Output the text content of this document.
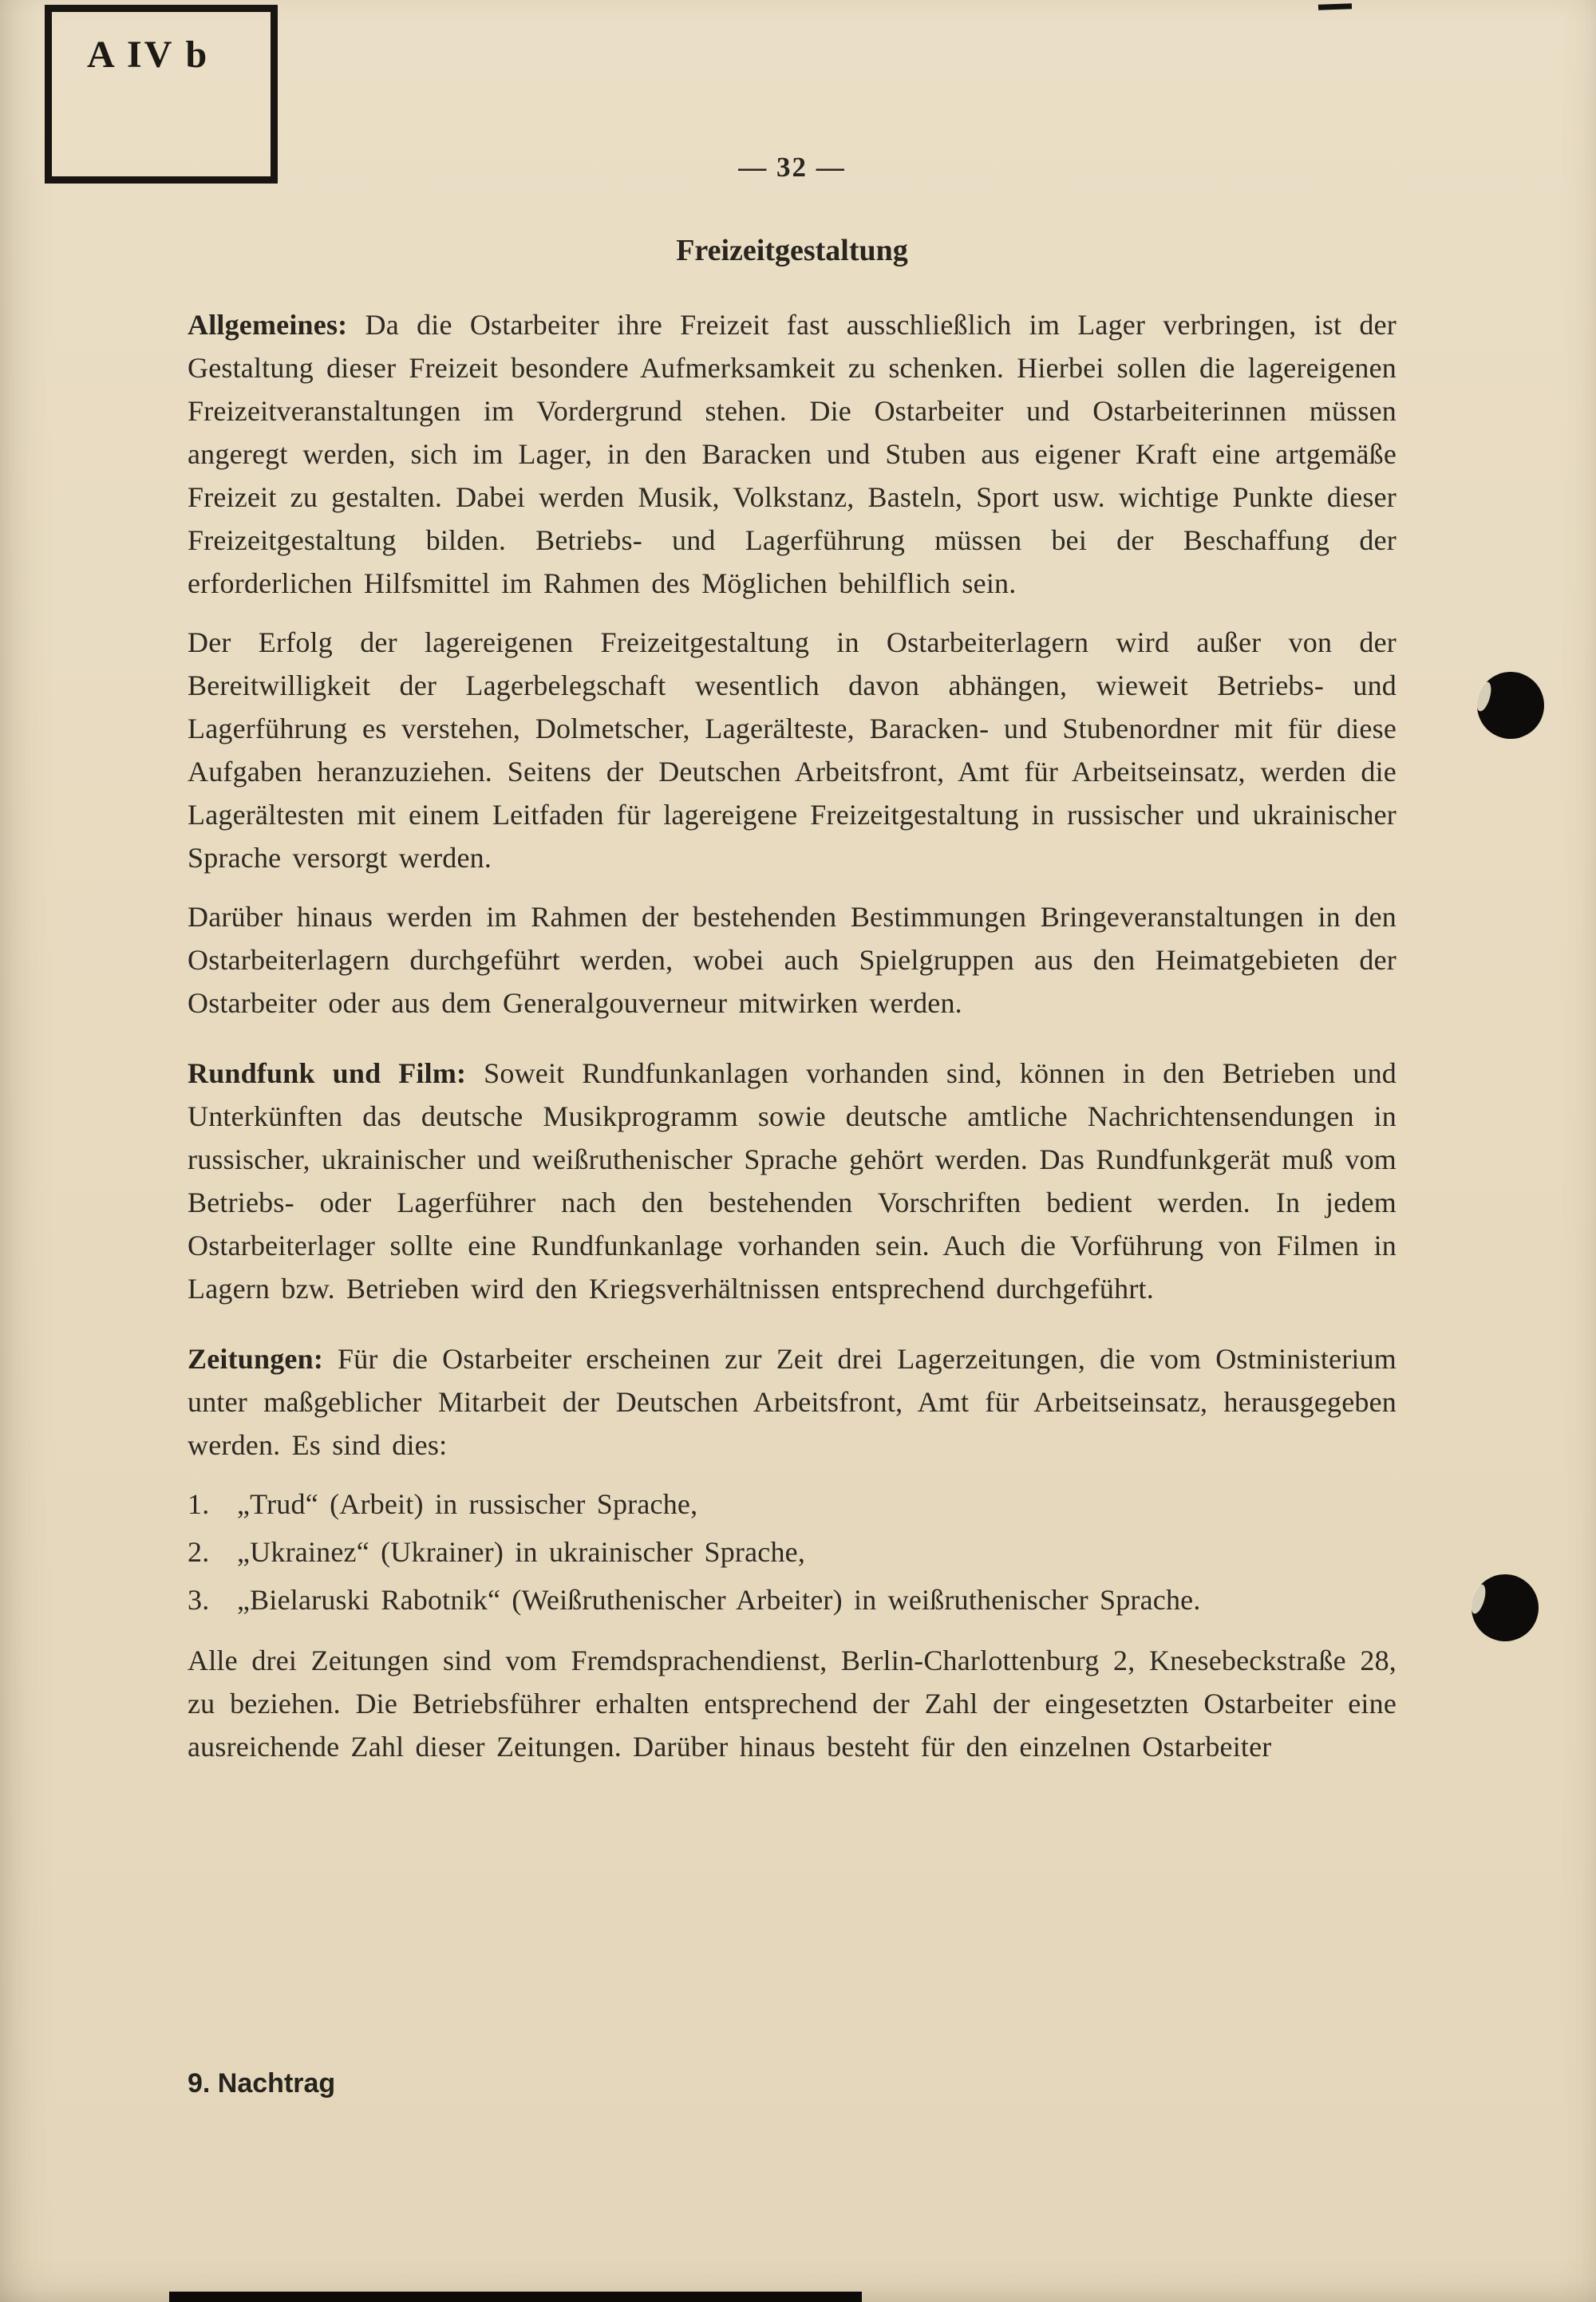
A IV b
— 32 —
Freizeitgestaltung

Allgemeines: Da die Ostarbeiter ihre Freizeit fast ausschließlich im Lager verbringen, ist der Gestaltung dieser Freizeit besondere Aufmerksamkeit zu schenken. Hierbei sollen die lagereigenen Freizeitveranstaltungen im Vordergrund stehen. Die Ostarbeiter und Ostarbeiterinnen müssen angeregt werden, sich im Lager, in den Baracken und Stuben aus eigener Kraft eine artgemäße Freizeit zu gestalten. Dabei werden Musik, Volkstanz, Basteln, Sport usw. wichtige Punkte dieser Freizeitgestaltung bilden. Betriebs- und Lagerführung müssen bei der Beschaffung der erforderlichen Hilfsmittel im Rahmen des Möglichen behilflich sein.

Der Erfolg der lagereigenen Freizeitgestaltung in Ostarbeiterlagern wird außer von der Bereitwilligkeit der Lagerbelegschaft wesentlich davon abhängen, wieweit Betriebs- und Lagerführung es verstehen, Dolmetscher, Lagerälteste, Baracken- und Stubenordner mit für diese Aufgaben heranzuziehen. Seitens der Deutschen Arbeitsfront, Amt für Arbeitseinsatz, werden die Lagerältesten mit einem Leitfaden für lagereigene Freizeitgestaltung in russischer und ukrainischer Sprache versorgt werden.

Darüber hinaus werden im Rahmen der bestehenden Bestimmungen Bringeveranstaltungen in den Ostarbeiterlagern durchgeführt werden, wobei auch Spielgruppen aus den Heimatgebieten der Ostarbeiter oder aus dem Generalgouverneur mitwirken werden.

Rundfunk und Film: Soweit Rundfunkanlagen vorhanden sind, können in den Betrieben und Unterkünften das deutsche Musikprogramm sowie deutsche amtliche Nachrichtensendungen in russischer, ukrainischer und weißruthenischer Sprache gehört werden. Das Rundfunkgerät muß vom Betriebs- oder Lagerführer nach den bestehenden Vorschriften bedient werden. In jedem Ostarbeiterlager sollte eine Rundfunkanlage vorhanden sein. Auch die Vorführung von Filmen in Lagern bzw. Betrieben wird den Kriegsverhältnissen entsprechend durchgeführt.

Zeitungen: Für die Ostarbeiter erscheinen zur Zeit drei Lagerzeitungen, die vom Ostministerium unter maßgeblicher Mitarbeit der Deutschen Arbeitsfront, Amt für Arbeitseinsatz, herausgegeben werden. Es sind dies:

1. „Trud“ (Arbeit) in russischer Sprache,
2. „Ukrainez“ (Ukrainer) in ukrainischer Sprache,
3. „Bielaruski Rabotnik“ (Weißruthenischer Arbeiter) in weißruthenischer Sprache.

Alle drei Zeitungen sind vom Fremdsprachendienst, Berlin-Charlottenburg 2, Knesebeckstraße 28, zu beziehen. Die Betriebsführer erhalten entsprechend der Zahl der eingesetzten Ostarbeiter eine ausreichende Zahl dieser Zeitungen. Darüber hinaus besteht für den einzelnen Ostarbeiter

9. Nachtrag
